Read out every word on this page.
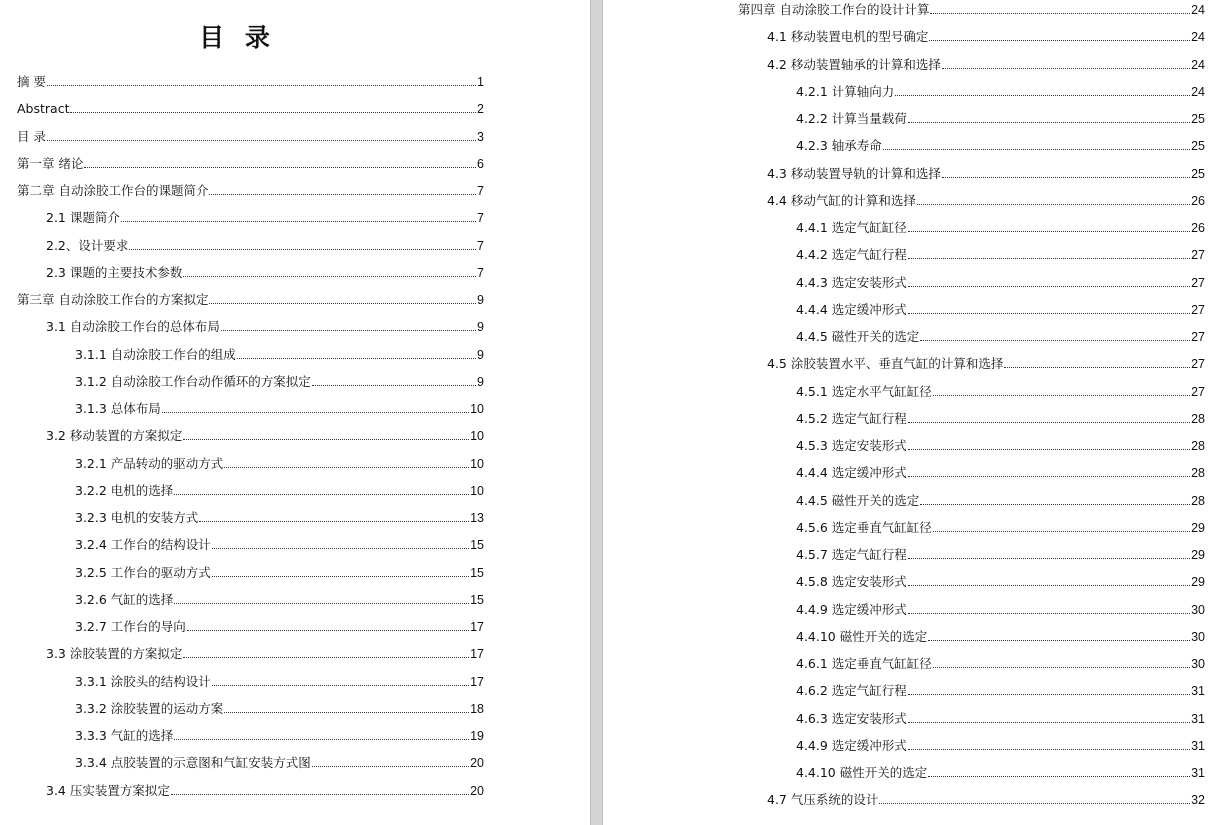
目 录
摘 要	1
Abstract	2
目 录	3
第一章 绪论	6
第二章 自动涂胶工作台的课题简介	7
2.1 课题简介	7
2.2、设计要求	7
2.3 课题的主要技术参数	7
第三章 自动涂胶工作台的方案拟定	9
3.1 自动涂胶工作台的总体布局	9
3.1.1 自动涂胶工作台的组成	9
3.1.2 自动涂胶工作台动作循环的方案拟定	9
3.1.3 总体布局	10
3.2 移动装置的方案拟定	10
3.2.1 产品转动的驱动方式	10
3.2.2 电机的选择	10
3.2.3 电机的安装方式	13
3.2.4 工作台的结构设计	15
3.2.5 工作台的驱动方式	15
3.2.6 气缸的选择	15
3.2.7 工作台的导向	17
3.3 涂胶装置的方案拟定	17
3.3.1 涂胶头的结构设计	17
3.3.2 涂胶装置的运动方案	18
3.3.3 气缸的选择	19
3.3.4 点胶装置的示意图和气缸安装方式图	20
3.4 压实装置方案拟定	20
第四章 自动涂胶工作台的设计计算	24
4.1 移动装置电机的型号确定	24
4.2 移动装置轴承的计算和选择	24
4.2.1 计算轴向力	24
4.2.2 计算当量载荷	25
4.2.3 轴承寿命	25
4.3 移动装置导轨的计算和选择	25
4.4 移动气缸的计算和选择	26
4.4.1 选定气缸缸径	26
4.4.2 选定气缸行程	27
4.4.3 选定安装形式	27
4.4.4 选定缓冲形式	27
4.4.5 磁性开关的选定	27
4.5 涂胶装置水平、垂直气缸的计算和选择	27
4.5.1 选定水平气缸缸径	27
4.5.2 选定气缸行程	28
4.5.3 选定安装形式	28
4.4.4 选定缓冲形式	28
4.4.5 磁性开关的选定	28
4.5.6 选定垂直气缸缸径	29
4.5.7 选定气缸行程	29
4.5.8 选定安装形式	29
4.4.9 选定缓冲形式	30
4.4.10 磁性开关的选定	30
4.6.1 选定垂直气缸缸径	30
4.6.2 选定气缸行程	31
4.6.3 选定安装形式	31
4.4.9 选定缓冲形式	31
4.4.10 磁性开关的选定	31
4.7 气压系统的设计	32
